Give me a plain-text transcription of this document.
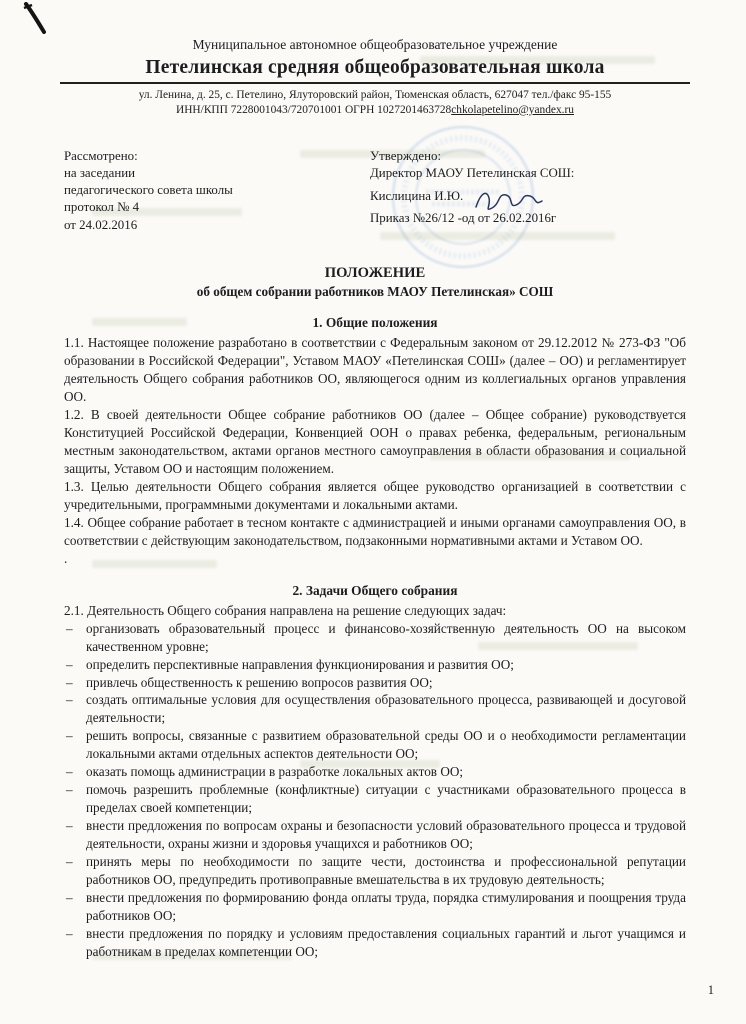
Муниципальное автономное общеобразовательное учреждение
Петелинская средняя общеобразовательная школа
ул. Ленина, д. 25, с. Петелино, Ялуторовский район, Тюменская область, 627047 тел./факс 95-155
ИНН/КПП 7228001043/720701001 ОГРН 1027201463728chkolapetelino@yandex.ru
Рассмотрено:
на заседании
педагогического совета школы
протокол № 4
от 24.02.2016
Утверждено:
Директор МАОУ Петелинская СОШ:
Кислицина И.Ю.
Приказ №26/12 -од от 26.02.2016г
ПОЛОЖЕНИЕ
об общем собрании работников МАОУ Петелинская» СОШ
1. Общие положения

1.1. Настоящее положение разработано в соответствии с Федеральным законом от 29.12.2012 № 273-ФЗ "Об образовании в Российской Федерации", Уставом МАОУ «Петелинская СОШ» (далее – ОО) и регламентирует деятельность Общего собрания работников ОО, являющегося одним из коллегиальных органов управления ОО.

1.2. В своей деятельности Общее собрание работников ОО (далее – Общее собрание) руководствуется Конституцией Российской Федерации, Конвенцией ООН о правах ребенка, федеральным, региональным местным законодательством, актами органов местного самоуправления в области образования и социальной защиты, Уставом ОО и настоящим положением.

1.3. Целью деятельности Общего собрания является общее руководство организацией в соответствии с учредительными, программными документами и локальными актами.

1.4. Общее собрание работает в тесном контакте с администрацией и иными органами самоуправления ОО, в соответствии с действующим законодательством, подзаконными нормативными актами и Уставом ОО.

.
2. Задачи Общего собрания

2.1. Деятельность Общего собрания направлена на решение следующих задач:

– организовать образовательный процесс и финансово-хозяйственную деятельность ОО на высоком качественном уровне;
– определить перспективные направления функционирования и развития ОО;
– привлечь общественность к решению вопросов развития ОО;
– создать оптимальные условия для осуществления образовательного процесса, развивающей и досуговой деятельности;
– решить вопросы, связанные с развитием образовательной среды ОО и о необходимости регламентации локальными актами отдельных аспектов деятельности ОО;
– оказать помощь администрации в разработке локальных актов ОО;
– помочь разрешить проблемные (конфликтные) ситуации с участниками образовательного процесса в пределах своей компетенции;
– внести предложения по вопросам охраны и безопасности условий образовательного процесса и трудовой деятельности, охраны жизни и здоровья учащихся и работников ОО;
– принять меры по необходимости по защите чести, достоинства и профессиональной репутации работников ОО, предупредить противоправные вмешательства в их трудовую деятельность;
– внести предложения по формированию фонда оплаты труда, порядка стимулирования и поощрения труда работников ОО;
– внести предложения по порядку и условиям предоставления социальных гарантий и льгот учащимся и работникам в пределах компетенции ОО;
1
